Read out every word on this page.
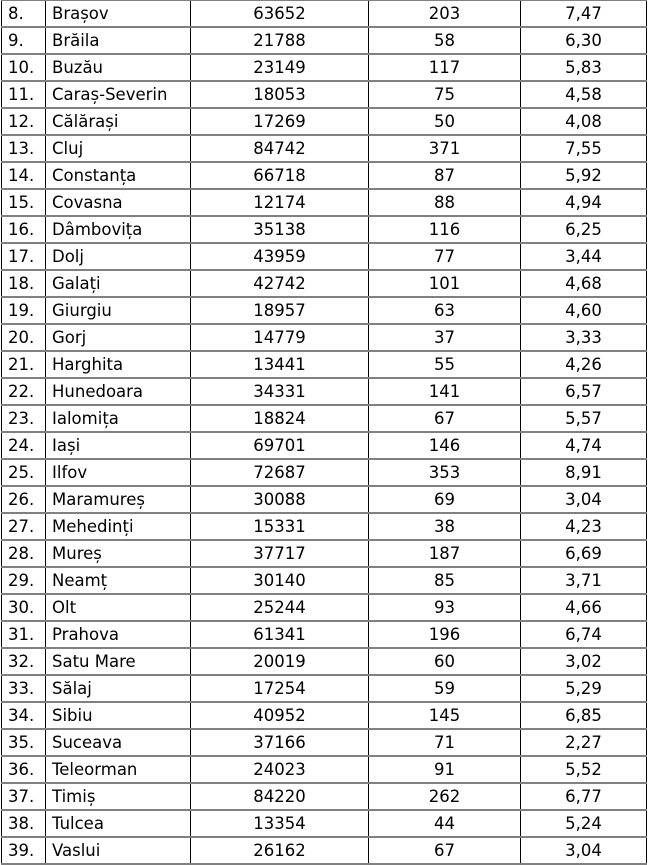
8.	Brașov	63652	203	7,47
9.	Brăila	21788	58	6,30
10.	Buzău	23149	117	5,83
11.	Caraș-Severin	18053	75	4,58
12.	Călărași	17269	50	4,08
13.	Cluj	84742	371	7,55
14.	Constanța	66718	87	5,92
15.	Covasna	12174	88	4,94
16.	Dâmbovița	35138	116	6,25
17.	Dolj	43959	77	3,44
18.	Galați	42742	101	4,68
19.	Giurgiu	18957	63	4,60
20.	Gorj	14779	37	3,33
21.	Harghita	13441	55	4,26
22.	Hunedoara	34331	141	6,57
23.	Ialomița	18824	67	5,57
24.	Iași	69701	146	4,74
25.	Ilfov	72687	353	8,91
26.	Maramureș	30088	69	3,04
27.	Mehedinți	15331	38	4,23
28.	Mureș	37717	187	6,69
29.	Neamț	30140	85	3,71
30.	Olt	25244	93	4,66
31.	Prahova	61341	196	6,74
32.	Satu Mare	20019	60	3,02
33.	Sălaj	17254	59	5,29
34.	Sibiu	40952	145	6,85
35.	Suceava	37166	71	2,27
36.	Teleorman	24023	91	5,52
37.	Timiș	84220	262	6,77
38.	Tulcea	13354	44	5,24
39.	Vaslui	26162	67	3,04
